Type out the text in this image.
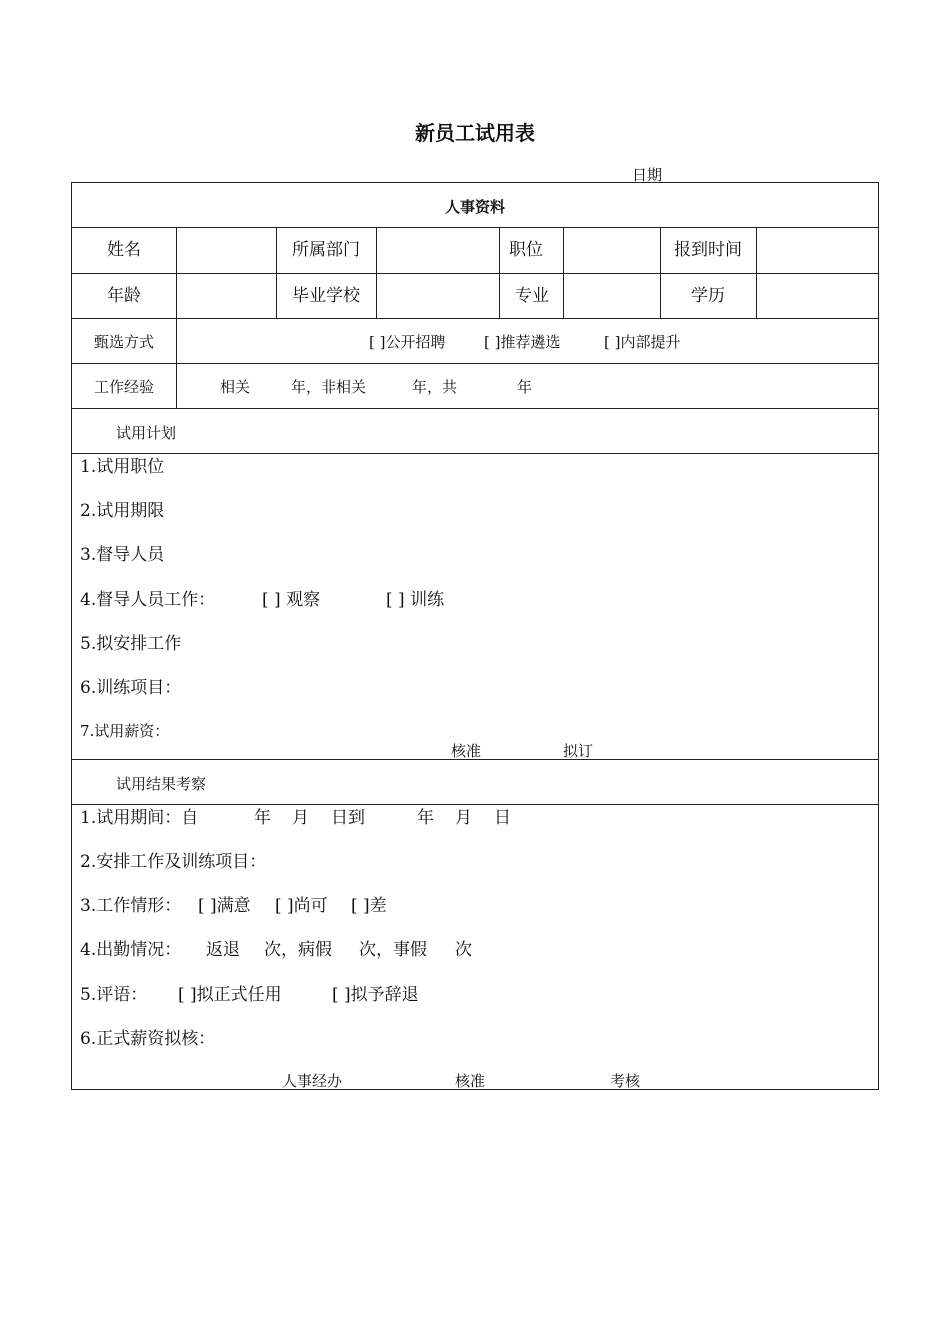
新员工试用表
日期
人事资料
姓名	所属部门	职位	报到时间
年龄	毕业学校	专业	学历
甄选方式	[ ]公开招聘	[ ]推荐遴选	[ ]内部提升
工作经验	相关	年，非相关	年，共	年
试用计划
1.试用职位
2.试用期限
3.督导人员
4.督导人员工作：	[ ] 观察	[ ] 训练
5.拟安排工作
6.训练项目：
7.试用薪资：
核准	拟订
试用结果考察
1.试用期间：自	年 月 日到	年 月 日
2.安排工作及训练项目：
3.工作情形： [ ]满意 [ ]尚可 [ ]差
4.出勤情况： 返退 次，病假 次，事假 次
5.评语： [ ]拟正式任用	[ ]拟予辞退
6.正式薪资拟核：
人事经办	核准	考核
